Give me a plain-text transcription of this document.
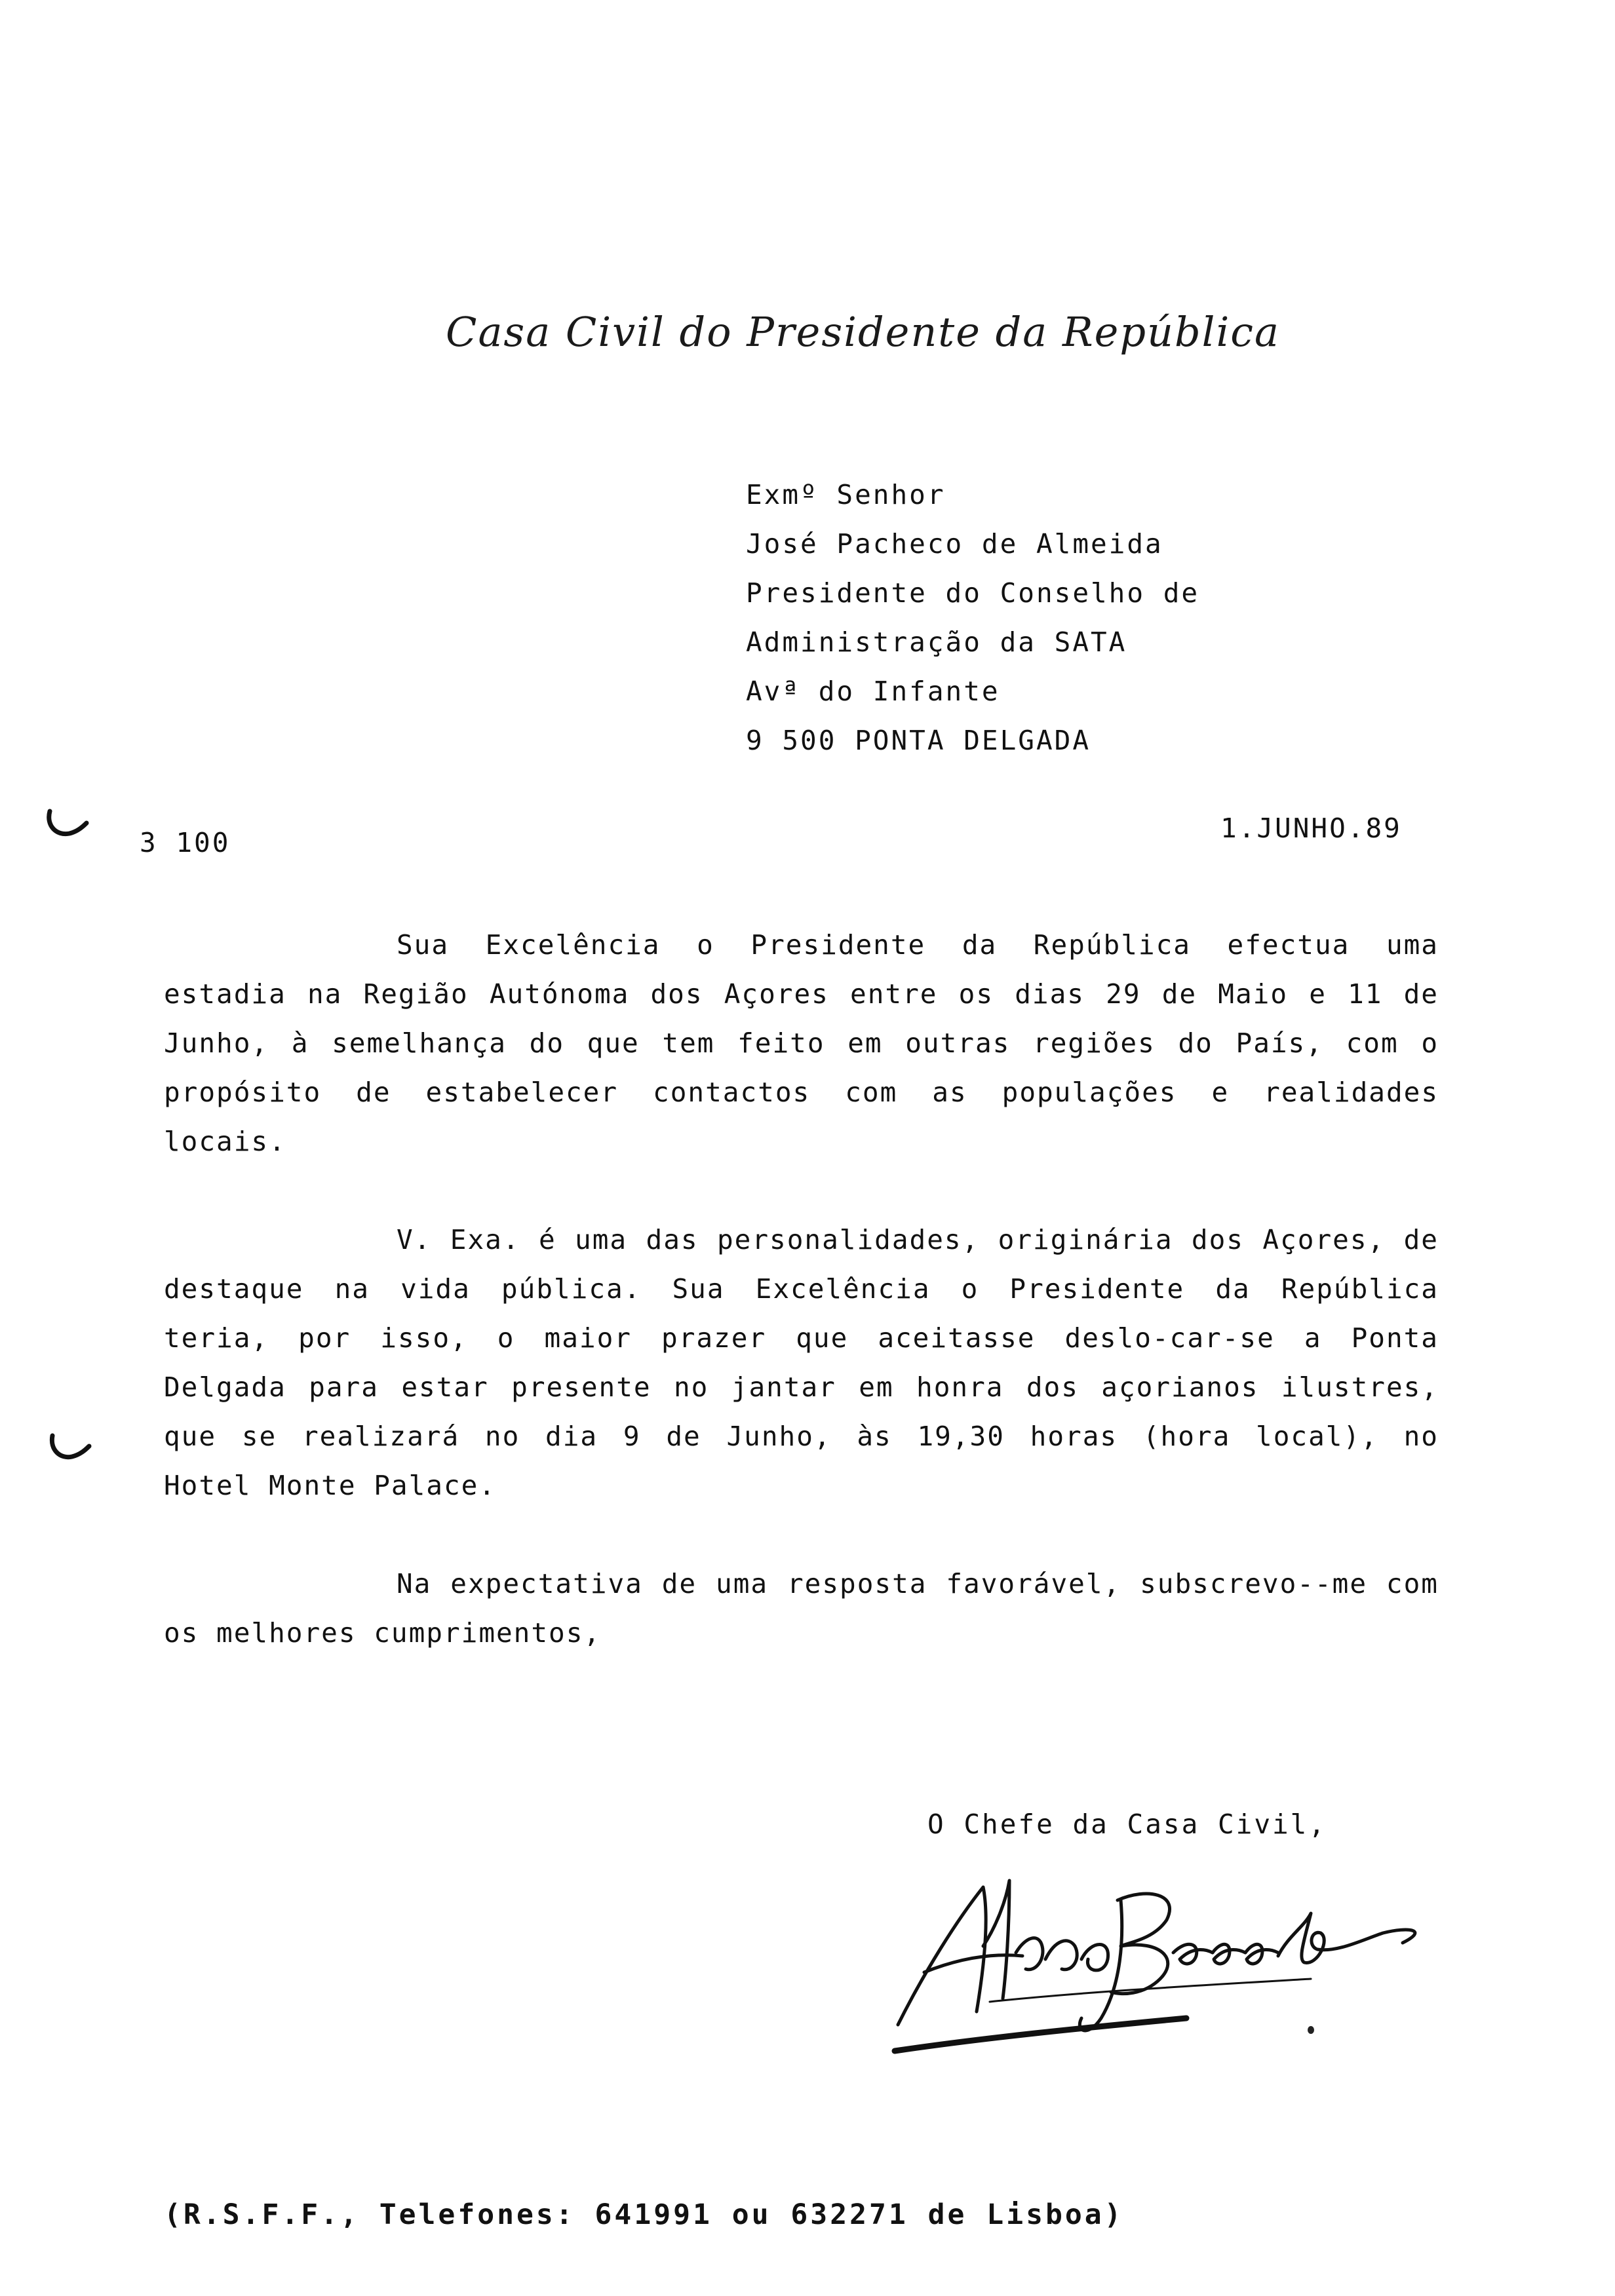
Casa Civil do Presidente da República
Exmº Senhor
José Pacheco de Almeida
Presidente do Conselho de
Administração da SATA
Avª do Infante
9 500 PONTA DELGADA
3 100	1.JUNHO.89

Sua Excelência o Presidente da República efectua uma estadia na Região Autónoma dos Açores entre os dias 29 de Maio e 11 de Junho, à semelhança do que tem feito em outras regiões do País, com o propósito de estabelecer contactos com as populações e realidades locais.

V. Exa. é uma das personalidades, originária dos Açores, de destaque na vida pública. Sua Excelência o Presidente da República teria, por isso, o maior prazer que aceitasse deslo-car-se a Ponta Delgada para estar presente no jantar em honra dos açorianos ilustres, que se realizará no dia 9 de Junho, às 19,30 horas (hora local), no Hotel Monte Palace.

Na expectativa de uma resposta favorável, subscrevo--me com os melhores cumprimentos,

O Chefe da Casa Civil,
Alfredo Barroso
(R.S.F.F., Telefones: 641991 ou 632271 de Lisboa)
